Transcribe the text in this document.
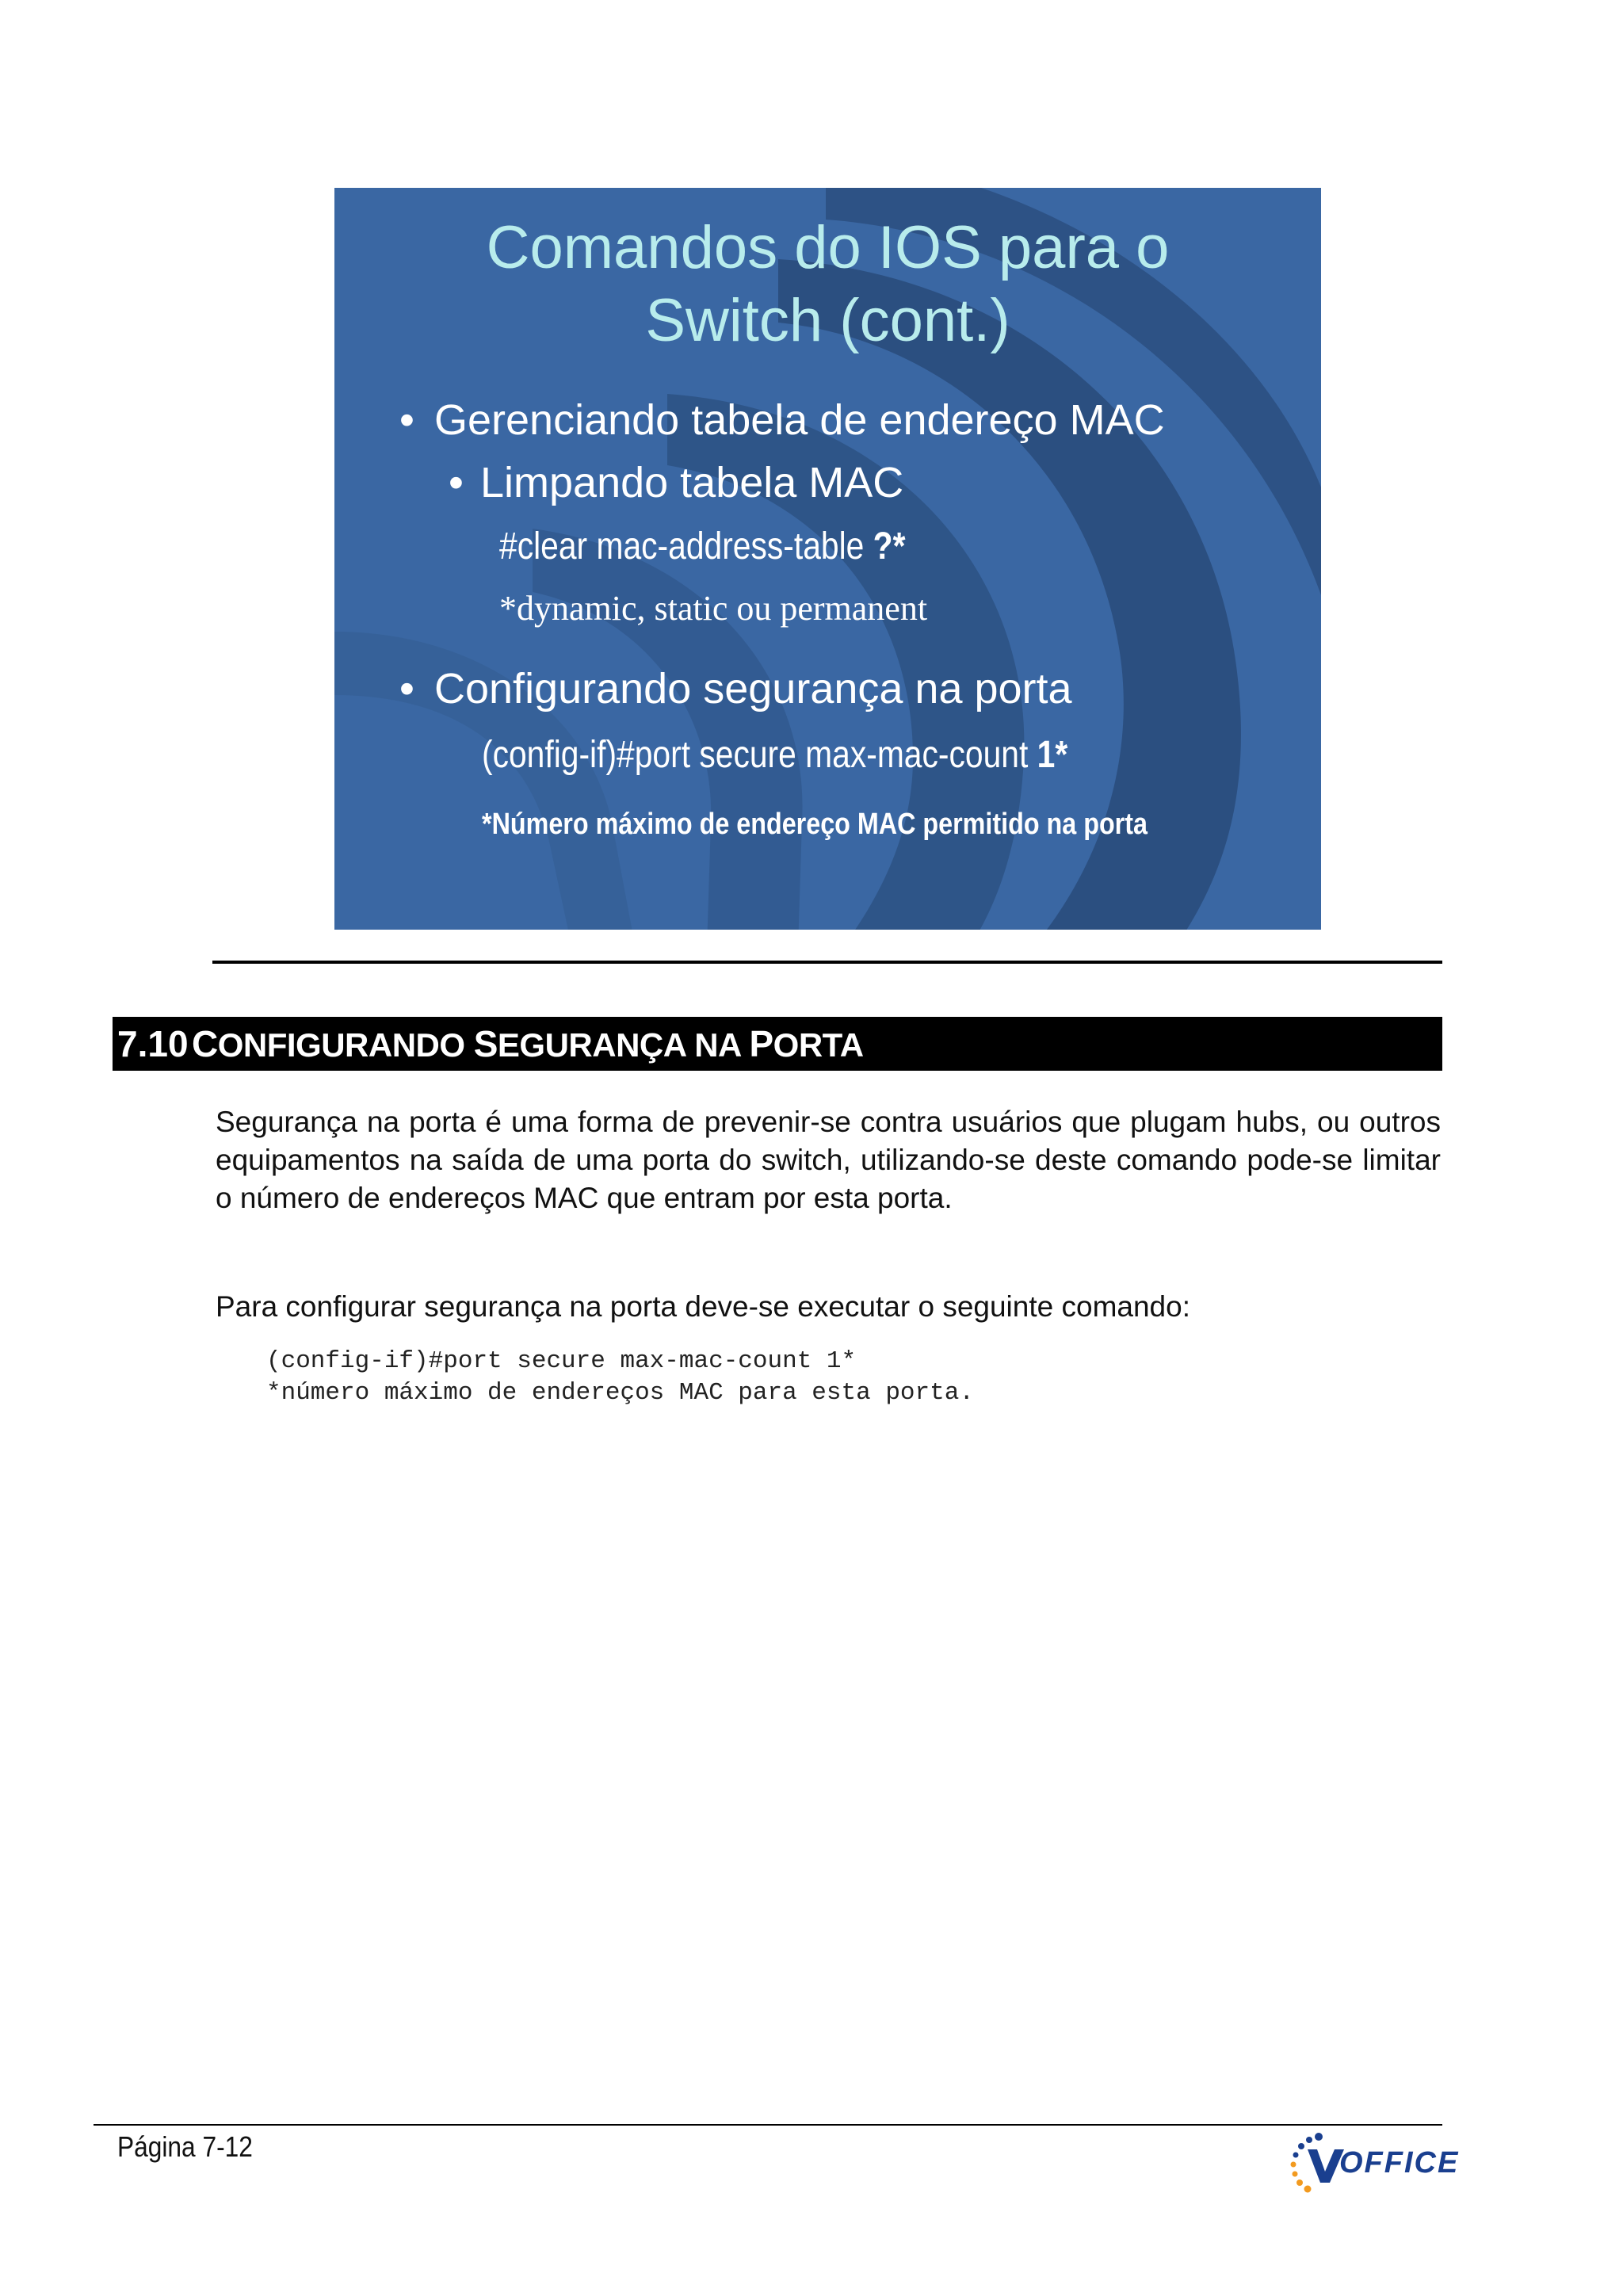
Comandos do IOS para o
Switch (cont.)
• Gerenciando tabela de endereço MAC
• Limpando tabela MAC
#clear mac-address-table ?*
*dynamic, static ou permanent
• Configurando segurança na porta
(config-if)#port secure max-mac-count 1*
*Número máximo de endereço MAC permitido na porta
7.10 CONFIGURANDO SEGURANÇA NA PORTA
Segurança na porta é uma forma de prevenir-se contra usuários que plugam hubs, ou outros equipamentos na saída de uma porta do switch, utilizando-se deste comando pode-se limitar o número de endereços MAC que entram por esta porta.
Para configurar segurança na porta deve-se executar o seguinte comando:
(config-if)#port secure max-mac-count 1*
*número máximo de endereços MAC para esta porta.
Página 7-12	OFFICE
